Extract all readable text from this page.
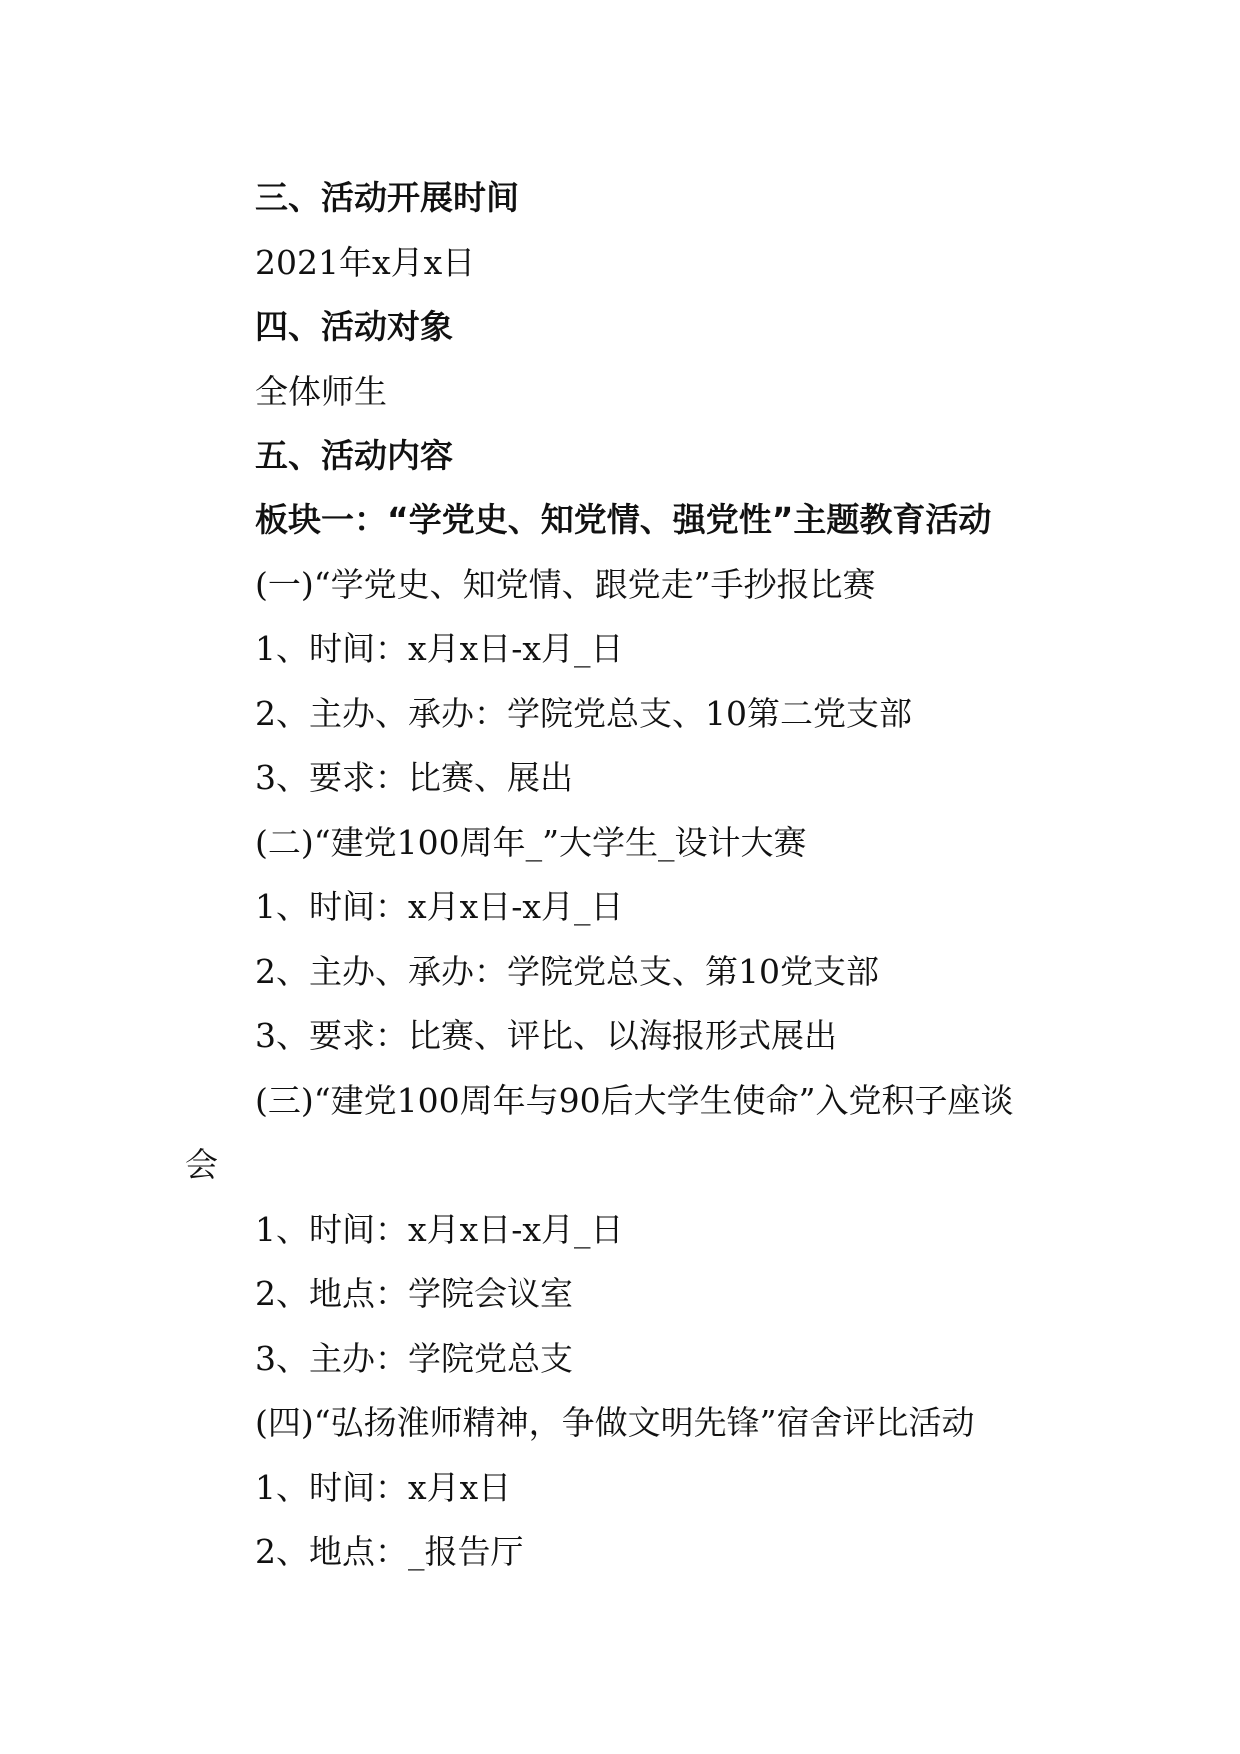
三、活动开展时间
2021年x月x日
四、活动对象
全体师生
五、活动内容
板块一：“学党史、知党情、强党性”主题教育活动
(一)“学党史、知党情、跟党走”手抄报比赛
1、时间：x月x日-x月_日
2、主办、承办：学院党总支、10第二党支部
3、要求：比赛、展出
(二)“建党100周年_”大学生_设计大赛
1、时间：x月x日-x月_日
2、主办、承办：学院党总支、第10党支部
3、要求：比赛、评比、以海报形式展出
(三)“建党100周年与90后大学生使命”入党积子座谈
会
1、时间：x月x日-x月_日
2、地点：学院会议室
3、主办：学院党总支
(四)“弘扬淮师精神，争做文明先锋”宿舍评比活动
1、时间：x月x日
2、地点：_报告厅
